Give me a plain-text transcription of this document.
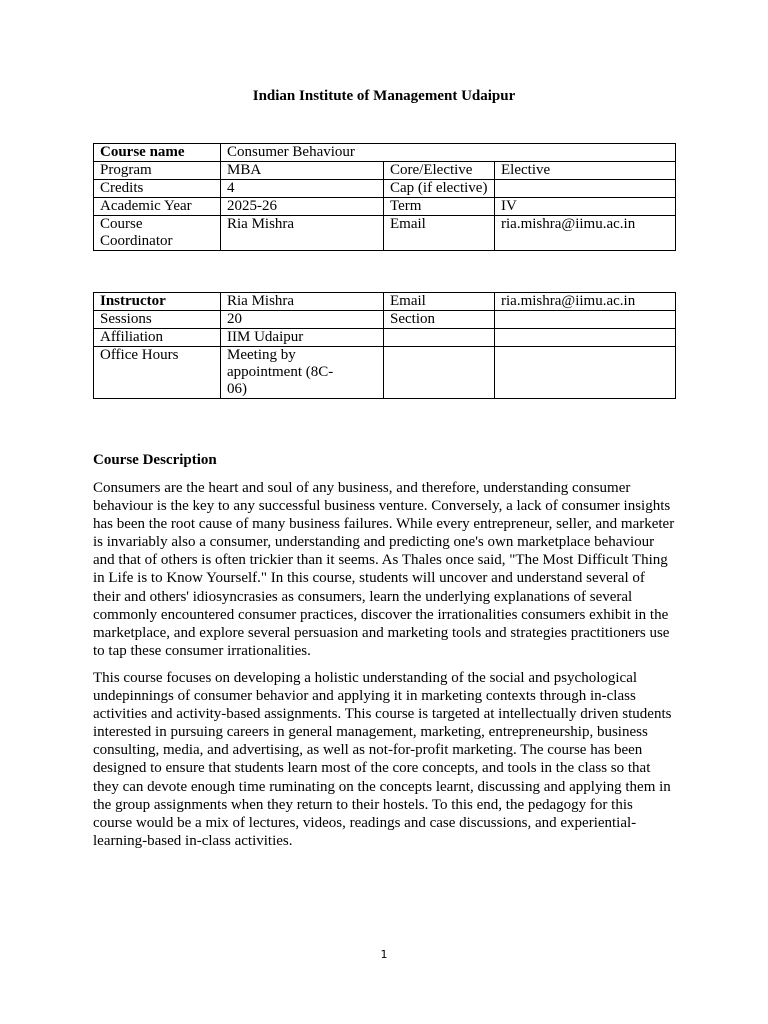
Indian Institute of Management Udaipur
Course name	Consumer Behaviour		
Program	MBA	Core/Elective	Elective
Credits	4	Cap (if elective)	
Academic Year	2025-26	Term	IV
Course Coordinator	Ria Mishra	Email	ria.mishra@iimu.ac.in
Instructor	Ria Mishra	Email	ria.mishra@iimu.ac.in
Sessions	20	Section	
Affiliation	IIM Udaipur		
Office Hours	Meeting by appointment (8C-06)		
Course Description

Consumers are the heart and soul of any business, and therefore, understanding consumer behaviour is the key to any successful business venture. Conversely, a lack of consumer insights has been the root cause of many business failures. While every entrepreneur, seller, and marketer is invariably also a consumer, understanding and predicting one's own marketplace behaviour and that of others is often trickier than it seems. As Thales once said, "The Most Difficult Thing in Life is to Know Yourself." In this course, students will uncover and understand several of their and others' idiosyncrasies as consumers, learn the underlying explanations of several commonly encountered consumer practices, discover the irrationalities consumers exhibit in the marketplace, and explore several persuasion and marketing tools and strategies practitioners use to tap these consumer irrationalities.

This course focuses on developing a holistic understanding of the social and psychological undepinnings of consumer behavior and applying it in marketing contexts through in-class activities and activity-based assignments. This course is targeted at intellectually driven students interested in pursuing careers in general management, marketing, entrepreneurship, business consulting, media, and advertising, as well as not-for-profit marketing. The course has been designed to ensure that students learn most of the core concepts, and tools in the class so that they can devote enough time ruminating on the concepts learnt, discussing and applying them in the group assignments when they return to their hostels. To this end, the pedagogy for this course would be a mix of lectures, videos, readings and case discussions, and experiential-learning-based in-class activities.

1
